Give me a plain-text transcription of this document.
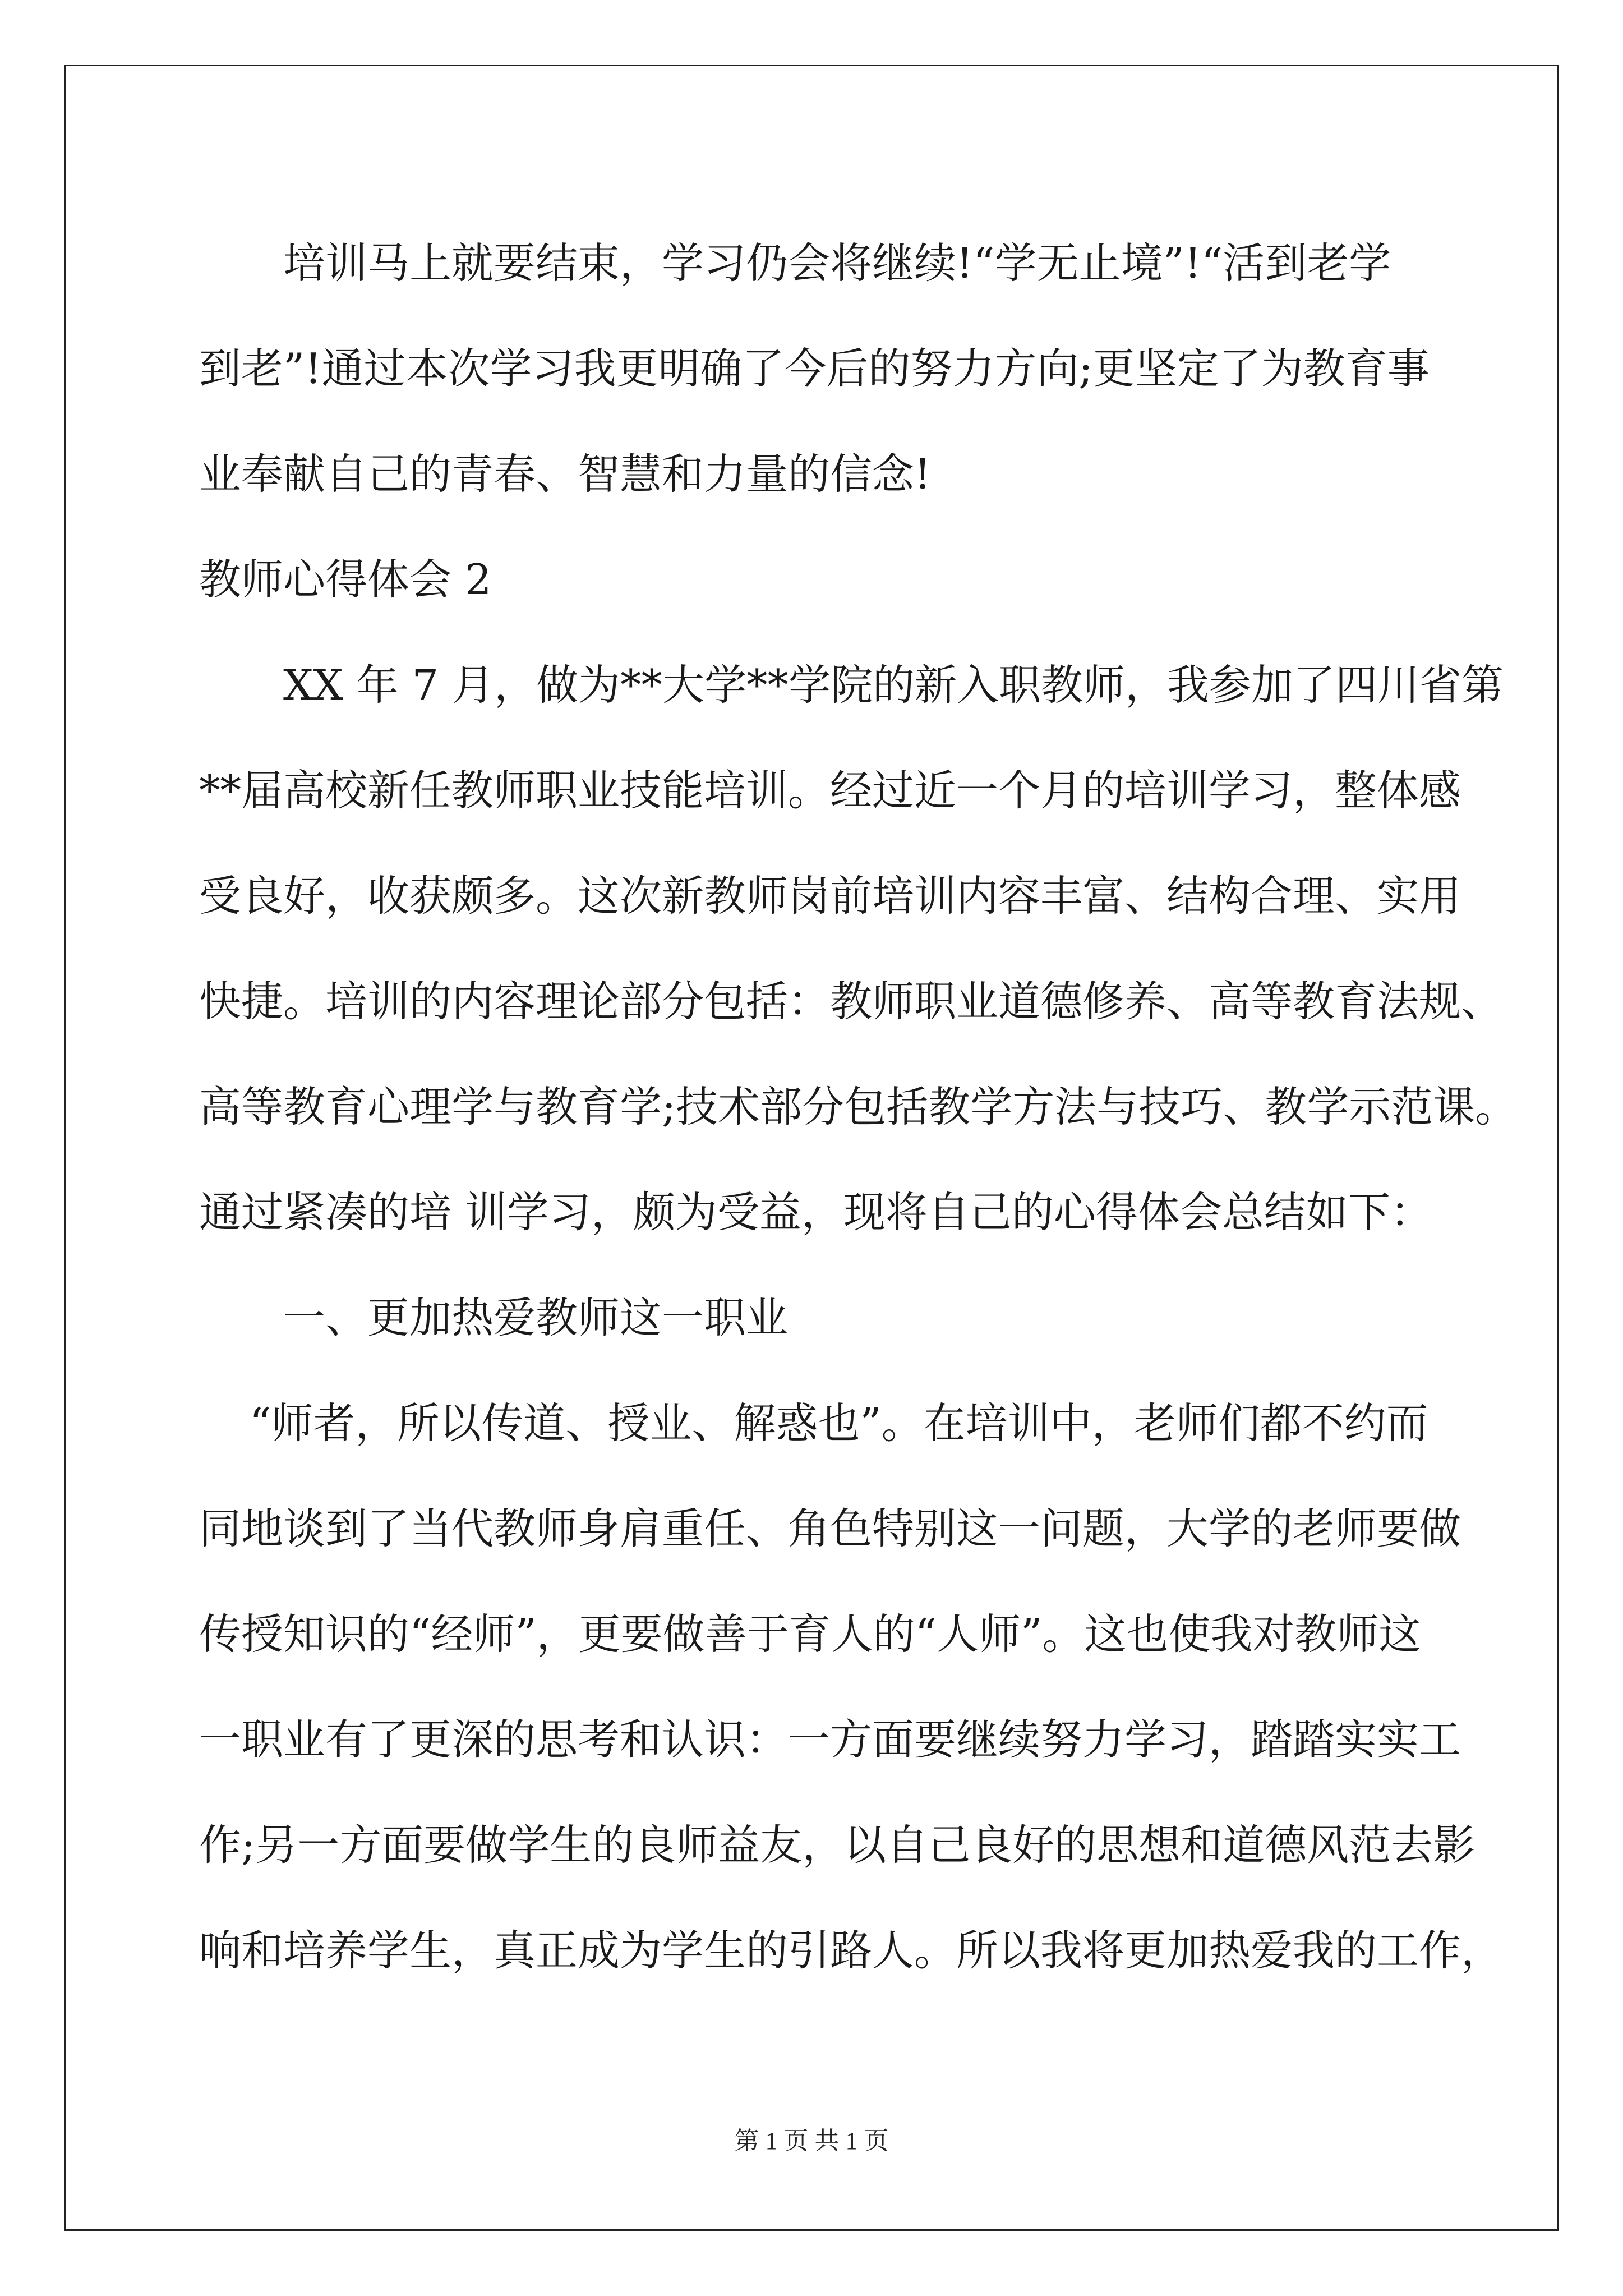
培训马上就要结束，学习仍会将继续!“学无止境”!“活到老学
到老”!通过本次学习我更明确了今后的努力方向;更坚定了为教育事
业奉献自己的青春、智慧和力量的信念!
教师心得体会 2
XX 年 7 月，做为**大学**学院的新入职教师，我参加了四川省第
**届高校新任教师职业技能培训。经过近一个月的培训学习，整体感
受良好，收获颇多。这次新教师岗前培训内容丰富、结构合理、实用
快捷。培训的内容理论部分包括：教师职业道德修养、高等教育法规、
高等教育心理学与教育学;技术部分包括教学方法与技巧、教学示范课。
通过紧凑的培 训学习，颇为受益，现将自己的心得体会总结如下：
一、更加热爱教师这一职业
“师者，所以传道、授业、解惑也”。在培训中，老师们都不约而
同地谈到了当代教师身肩重任、角色特别这一问题，大学的老师要做
传授知识的“经师”，更要做善于育人的“人师”。这也使我对教师这
一职业有了更深的思考和认识：一方面要继续努力学习，踏踏实实工
作;另一方面要做学生的良师益友，以自己良好的思想和道德风范去影
响和培养学生，真正成为学生的引路人。所以我将更加热爱我的工作，
第 1 页 共 1 页
